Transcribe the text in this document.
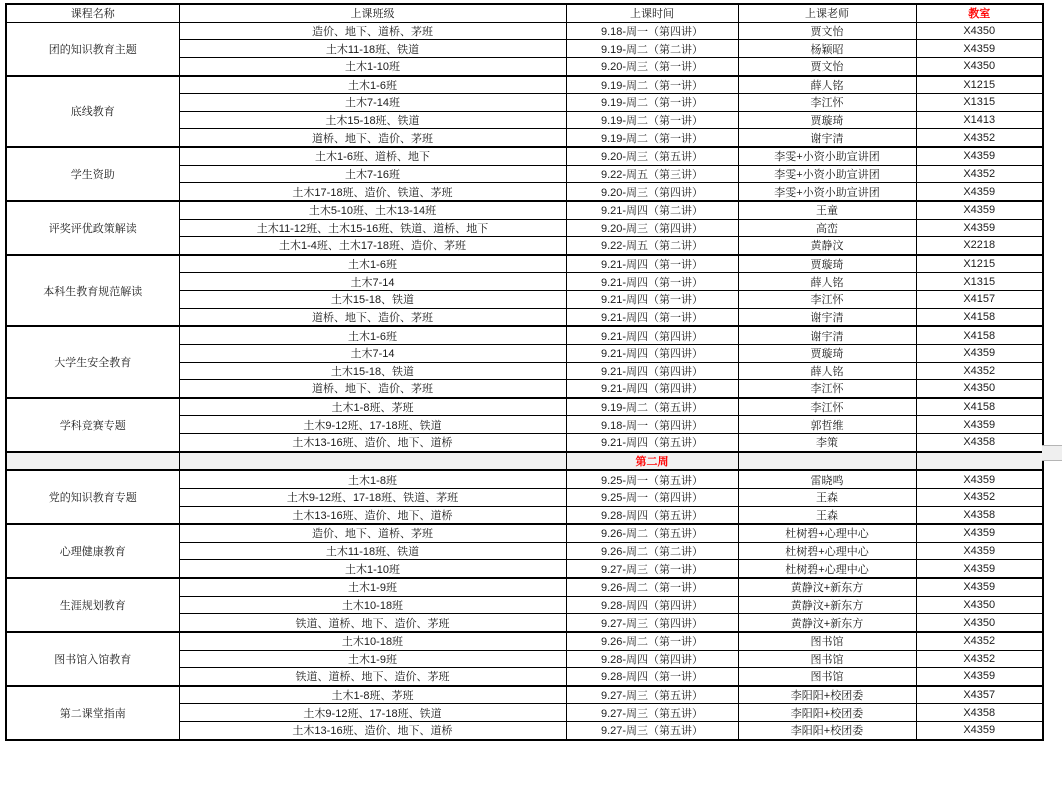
课程名称	上课班级	上课时间	上课老师	教室
团的知识教育主题	造价、地下、道桥、茅班	9.18-周一（第四讲）	贾文怡	X4350
	土木11-18班、铁道	9.19-周二（第二讲）	杨颖昭	X4359
	土木1-10班	9.20-周三（第一讲）	贾文怡	X4350
底线教育	土木1-6班	9.19-周二（第一讲）	薛人铭	X1215
	土木7-14班	9.19-周二（第一讲）	李江怀	X1315
	土木15-18班、铁道	9.19-周二（第一讲）	贾璇琦	X1413
	道桥、地下、造价、茅班	9.19-周二（第一讲）	谢宇清	X4352
学生资助	土木1-6班、道桥、地下	9.20-周三（第五讲）	李雯+小资小助宣讲团	X4359
	土木7-16班	9.22-周五（第三讲）	李雯+小资小助宣讲团	X4352
	土木17-18班、造价、铁道、茅班	9.20-周三（第四讲）	李雯+小资小助宣讲团	X4359
评奖评优政策解读	土木5-10班、土木13-14班	9.21-周四（第二讲）	王童	X4359
	土木11-12班、土木15-16班、铁道、道桥、地下	9.20-周三（第四讲）	高峦	X4359
	土木1-4班、土木17-18班、造价、茅班	9.22-周五（第二讲）	黄静汶	X2218
本科生教育规范解读	土木1-6班	9.21-周四（第一讲）	贾璇琦	X1215
	土木7-14	9.21-周四（第一讲）	薛人铭	X1315
	土木15-18、铁道	9.21-周四（第一讲）	李江怀	X4157
	道桥、地下、造价、茅班	9.21-周四（第一讲）	谢宇清	X4158
大学生安全教育	土木1-6班	9.21-周四（第四讲）	谢宇清	X4158
	土木7-14	9.21-周四（第四讲）	贾璇琦	X4359
	土木15-18、铁道	9.21-周四（第四讲）	薛人铭	X4352
	道桥、地下、造价、茅班	9.21-周四（第四讲）	李江怀	X4350
学科竞赛专题	土木1-8班、茅班	9.19-周二（第五讲）	李江怀	X4158
	土木9-12班、17-18班、铁道	9.18-周一（第四讲）	郭哲维	X4359
	土木13-16班、造价、地下、道桥	9.21-周四（第五讲）	李策	X4358
		第二周		
党的知识教育专题	土木1-8班	9.25-周一（第五讲）	雷晓鸣	X4359
	土木9-12班、17-18班、铁道、茅班	9.25-周一（第四讲）	王森	X4352
	土木13-16班、造价、地下、道桥	9.28-周四（第五讲）	王森	X4358
心理健康教育	造价、地下、道桥、茅班	9.26-周二（第五讲）	杜树碧+心理中心	X4359
	土木11-18班、铁道	9.26-周二（第二讲）	杜树碧+心理中心	X4359
	土木1-10班	9.27-周三（第一讲）	杜树碧+心理中心	X4359
生涯规划教育	土木1-9班	9.26-周二（第一讲）	黄静汶+新东方	X4359
	土木10-18班	9.28-周四（第四讲）	黄静汶+新东方	X4350
	铁道、道桥、地下、造价、茅班	9.27-周三（第四讲）	黄静汶+新东方	X4350
图书馆入馆教育	土木10-18班	9.26-周二（第一讲）	图书馆	X4352
	土木1-9班	9.28-周四（第四讲）	图书馆	X4352
	铁道、道桥、地下、造价、茅班	9.28-周四（第一讲）	图书馆	X4359
第二课堂指南	土木1-8班、茅班	9.27-周三（第五讲）	李阳阳+校团委	X4357
	土木9-12班、17-18班、铁道	9.27-周三（第五讲）	李阳阳+校团委	X4358
	土木13-16班、造价、地下、道桥	9.27-周三（第五讲）	李阳阳+校团委	X4359
